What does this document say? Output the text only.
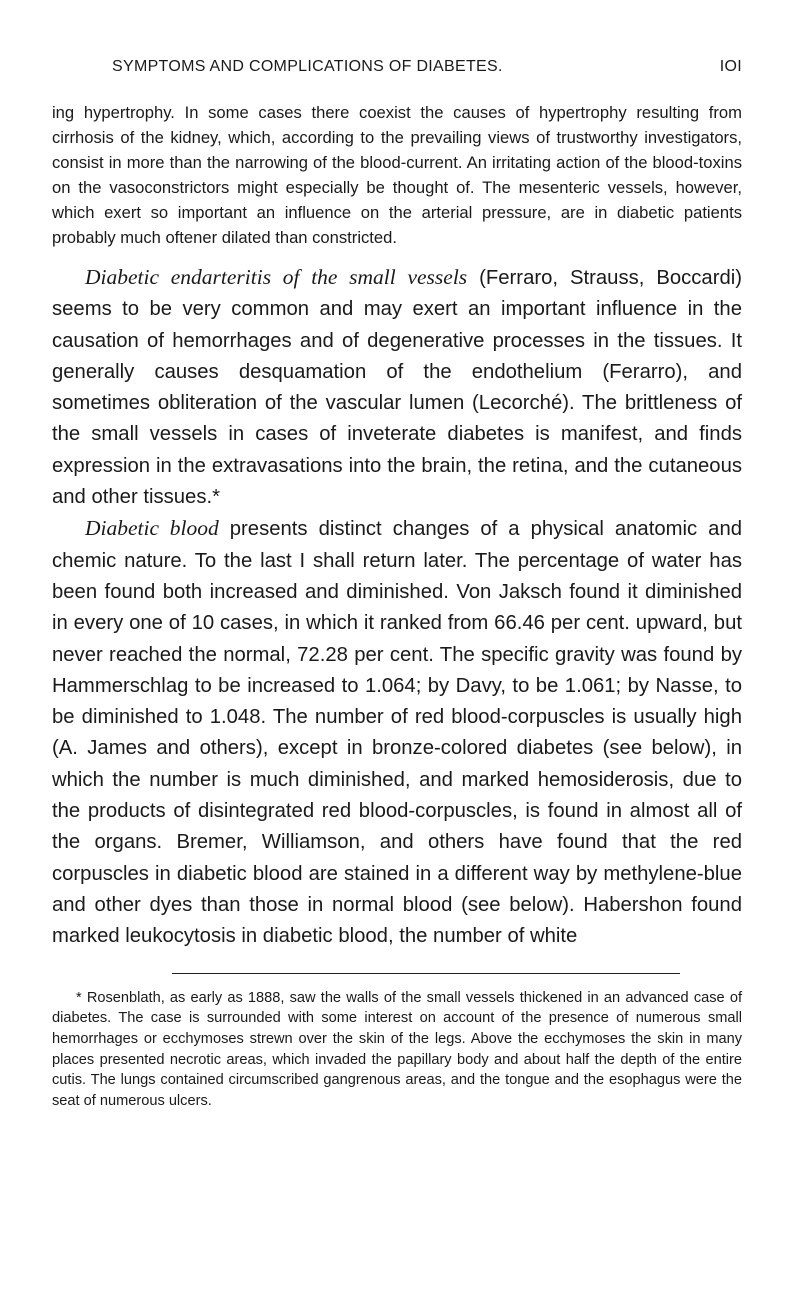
SYMPTOMS AND COMPLICATIONS OF DIABETES.	IOI

ing hypertrophy. In some cases there coexist the causes of hypertrophy resulting from cirrhosis of the kidney, which, according to the prevailing views of trustworthy investigators, consist in more than the narrowing of the blood-current. An irritating action of the blood-toxins on the vasoconstrictors might especially be thought of. The mesenteric vessels, however, which exert so important an influence on the arterial pressure, are in diabetic patients probably much oftener dilated than constricted.

Diabetic endarteritis of the small vessels (Ferraro, Strauss, Boccardi) seems to be very common and may exert an important influence in the causation of hemorrhages and of degenerative processes in the tissues. It generally causes desquamation of the endothelium (Ferarro), and sometimes obliteration of the vascular lumen (Lecorché). The brittleness of the small vessels in cases of inveterate diabetes is manifest, and finds expression in the extravasations into the brain, the retina, and the cutaneous and other tissues.*

Diabetic blood presents distinct changes of a physical anatomic and chemic nature. To the last I shall return later. The percentage of water has been found both increased and diminished. Von Jaksch found it diminished in every one of 10 cases, in which it ranked from 66.46 per cent. upward, but never reached the normal, 72.28 per cent. The specific gravity was found by Hammerschlag to be increased to 1.064; by Davy, to be 1.061; by Nasse, to be diminished to 1.048. The number of red blood-corpuscles is usually high (A. James and others), except in bronze-colored diabetes (see below), in which the number is much diminished, and marked hemosiderosis, due to the products of disintegrated red blood-corpuscles, is found in almost all of the organs. Bremer, Williamson, and others have found that the red corpuscles in diabetic blood are stained in a different way by methylene-blue and other dyes than those in normal blood (see below). Habershon found marked leukocytosis in diabetic blood, the number of white

* Rosenblath, as early as 1888, saw the walls of the small vessels thickened in an advanced case of diabetes. The case is surrounded with some interest on account of the presence of numerous small hemorrhages or ecchymoses strewn over the skin of the legs. Above the ecchymoses the skin in many places presented necrotic areas, which invaded the papillary body and about half the depth of the entire cutis. The lungs contained circumscribed gangrenous areas, and the tongue and the esophagus were the seat of numerous ulcers.
